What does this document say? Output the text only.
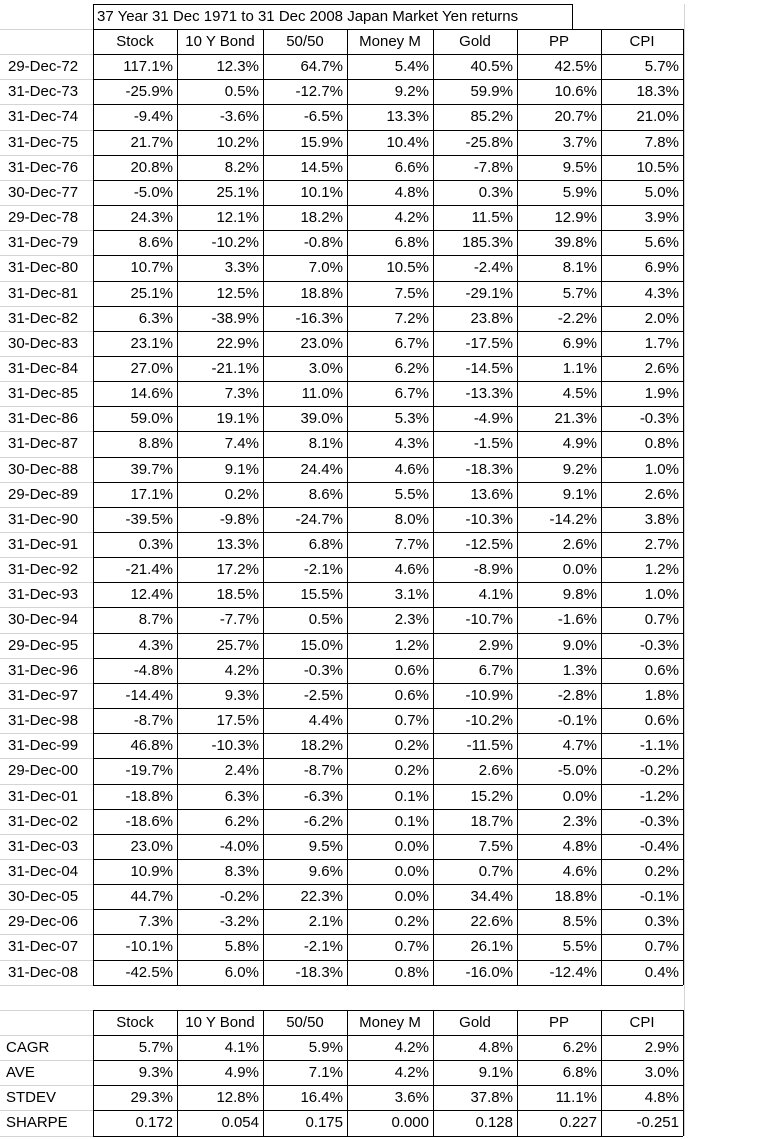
37 Year 31 Dec 1971 to 31 Dec 2008 Japan Market Yen returns
Stock	10 Y Bond	50/50	Money M	Gold	PP	CPI
29-Dec-72	117.1%	12.3%	64.7%	5.4%	40.5%	42.5%	5.7%
31-Dec-73	-25.9%	0.5%	-12.7%	9.2%	59.9%	10.6%	18.3%
31-Dec-74	-9.4%	-3.6%	-6.5%	13.3%	85.2%	20.7%	21.0%
31-Dec-75	21.7%	10.2%	15.9%	10.4%	-25.8%	3.7%	7.8%
31-Dec-76	20.8%	8.2%	14.5%	6.6%	-7.8%	9.5%	10.5%
30-Dec-77	-5.0%	25.1%	10.1%	4.8%	0.3%	5.9%	5.0%
29-Dec-78	24.3%	12.1%	18.2%	4.2%	11.5%	12.9%	3.9%
31-Dec-79	8.6%	-10.2%	-0.8%	6.8%	185.3%	39.8%	5.6%
31-Dec-80	10.7%	3.3%	7.0%	10.5%	-2.4%	8.1%	6.9%
31-Dec-81	25.1%	12.5%	18.8%	7.5%	-29.1%	5.7%	4.3%
31-Dec-82	6.3%	-38.9%	-16.3%	7.2%	23.8%	-2.2%	2.0%
30-Dec-83	23.1%	22.9%	23.0%	6.7%	-17.5%	6.9%	1.7%
31-Dec-84	27.0%	-21.1%	3.0%	6.2%	-14.5%	1.1%	2.6%
31-Dec-85	14.6%	7.3%	11.0%	6.7%	-13.3%	4.5%	1.9%
31-Dec-86	59.0%	19.1%	39.0%	5.3%	-4.9%	21.3%	-0.3%
31-Dec-87	8.8%	7.4%	8.1%	4.3%	-1.5%	4.9%	0.8%
30-Dec-88	39.7%	9.1%	24.4%	4.6%	-18.3%	9.2%	1.0%
29-Dec-89	17.1%	0.2%	8.6%	5.5%	13.6%	9.1%	2.6%
31-Dec-90	-39.5%	-9.8%	-24.7%	8.0%	-10.3%	-14.2%	3.8%
31-Dec-91	0.3%	13.3%	6.8%	7.7%	-12.5%	2.6%	2.7%
31-Dec-92	-21.4%	17.2%	-2.1%	4.6%	-8.9%	0.0%	1.2%
31-Dec-93	12.4%	18.5%	15.5%	3.1%	4.1%	9.8%	1.0%
30-Dec-94	8.7%	-7.7%	0.5%	2.3%	-10.7%	-1.6%	0.7%
29-Dec-95	4.3%	25.7%	15.0%	1.2%	2.9%	9.0%	-0.3%
31-Dec-96	-4.8%	4.2%	-0.3%	0.6%	6.7%	1.3%	0.6%
31-Dec-97	-14.4%	9.3%	-2.5%	0.6%	-10.9%	-2.8%	1.8%
31-Dec-98	-8.7%	17.5%	4.4%	0.7%	-10.2%	-0.1%	0.6%
31-Dec-99	46.8%	-10.3%	18.2%	0.2%	-11.5%	4.7%	-1.1%
29-Dec-00	-19.7%	2.4%	-8.7%	0.2%	2.6%	-5.0%	-0.2%
31-Dec-01	-18.8%	6.3%	-6.3%	0.1%	15.2%	0.0%	-1.2%
31-Dec-02	-18.6%	6.2%	-6.2%	0.1%	18.7%	2.3%	-0.3%
31-Dec-03	23.0%	-4.0%	9.5%	0.0%	7.5%	4.8%	-0.4%
31-Dec-04	10.9%	8.3%	9.6%	0.0%	0.7%	4.6%	0.2%
30-Dec-05	44.7%	-0.2%	22.3%	0.0%	34.4%	18.8%	-0.1%
29-Dec-06	7.3%	-3.2%	2.1%	0.2%	22.6%	8.5%	0.3%
31-Dec-07	-10.1%	5.8%	-2.1%	0.7%	26.1%	5.5%	0.7%
31-Dec-08	-42.5%	6.0%	-18.3%	0.8%	-16.0%	-12.4%	0.4%
Stock	10 Y Bond	50/50	Money M	Gold	PP	CPI
CAGR	5.7%	4.1%	5.9%	4.2%	4.8%	6.2%	2.9%
AVE	9.3%	4.9%	7.1%	4.2%	9.1%	6.8%	3.0%
STDEV	29.3%	12.8%	16.4%	3.6%	37.8%	11.1%	4.8%
SHARPE	0.172	0.054	0.175	0.000	0.128	0.227	-0.251
